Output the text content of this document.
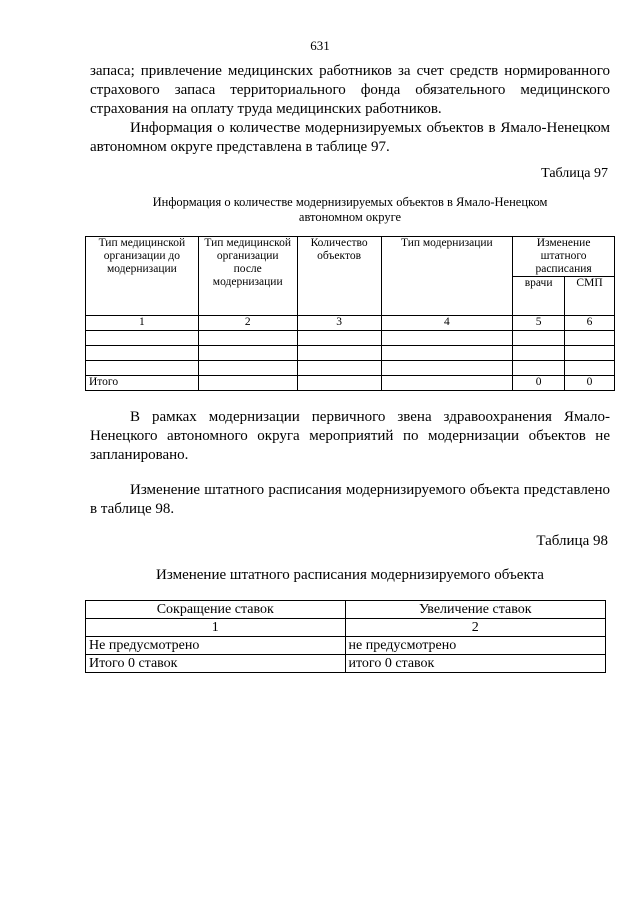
631

запаса; привлечение медицинских работников за счет средств нормированного страхового запаса территориального фонда обязательного медицинского страхования на оплату труда медицинских работников.

Информация о количестве модернизируемых объектов в Ямало-Ненецком автономном округе представлена в таблице 97.

Таблица 97
Информация о количестве модернизируемых объектов в Ямало-Ненецком
автономном округе
Тип медицинской организации до модернизации	Тип медицинской организации после модернизации	Количество объектов	Тип модернизации	Изменение штатного расписания	
				врачи	СМП
1	2	3	4	5	6

Итого				0	0

В рамках модернизации первичного звена здравоохранения Ямало-Ненецкого автономного округа мероприятий по модернизации объектов не запланировано.

Изменение штатного расписания модернизируемого объекта представлено в таблице 98.

Таблица 98
Изменение штатного расписания модернизируемого объекта
Сокращение ставок	Увеличение ставок
1	2
Не предусмотрено	не предусмотрено
Итого 0 ставок	итого 0 ставок
